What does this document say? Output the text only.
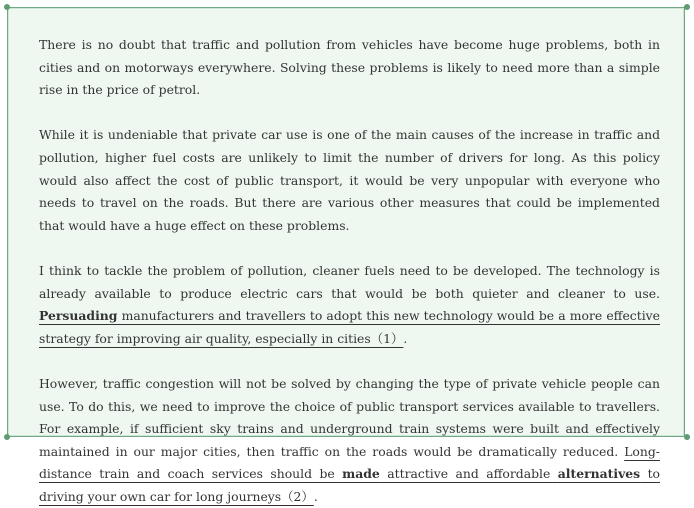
There is no doubt that traffic and pollution from vehicles have become huge problems, both in cities and on motorways everywhere. Solving these problems is likely to need more than a simple rise in the price of petrol.

While it is undeniable that private car use is one of the main causes of the increase in traffic and pollution, higher fuel costs are unlikely to limit the number of drivers for long. As this policy would also affect the cost of public transport, it would be very unpopular with everyone who needs to travel on the roads. But there are various other measures that could be implemented that would have a huge effect on these problems.

I think to tackle the problem of pollution, cleaner fuels need to be developed. The technology is already available to produce electric cars that would be both quieter and cleaner to use. Persuading manufacturers and travellers to adopt this new technology would be a more effective strategy for improving air quality, especially in cities（1）.

However, traffic congestion will not be solved by changing the type of private vehicle people can use. To do this, we need to improve the choice of public transport services available to travellers. For example, if sufficient sky trains and underground train systems were built and effectively maintained in our major cities, then traffic on the roads would be dramatically reduced. Long-distance train and coach services should be made attractive and affordable alternatives to driving your own car for long journeys（2）.
